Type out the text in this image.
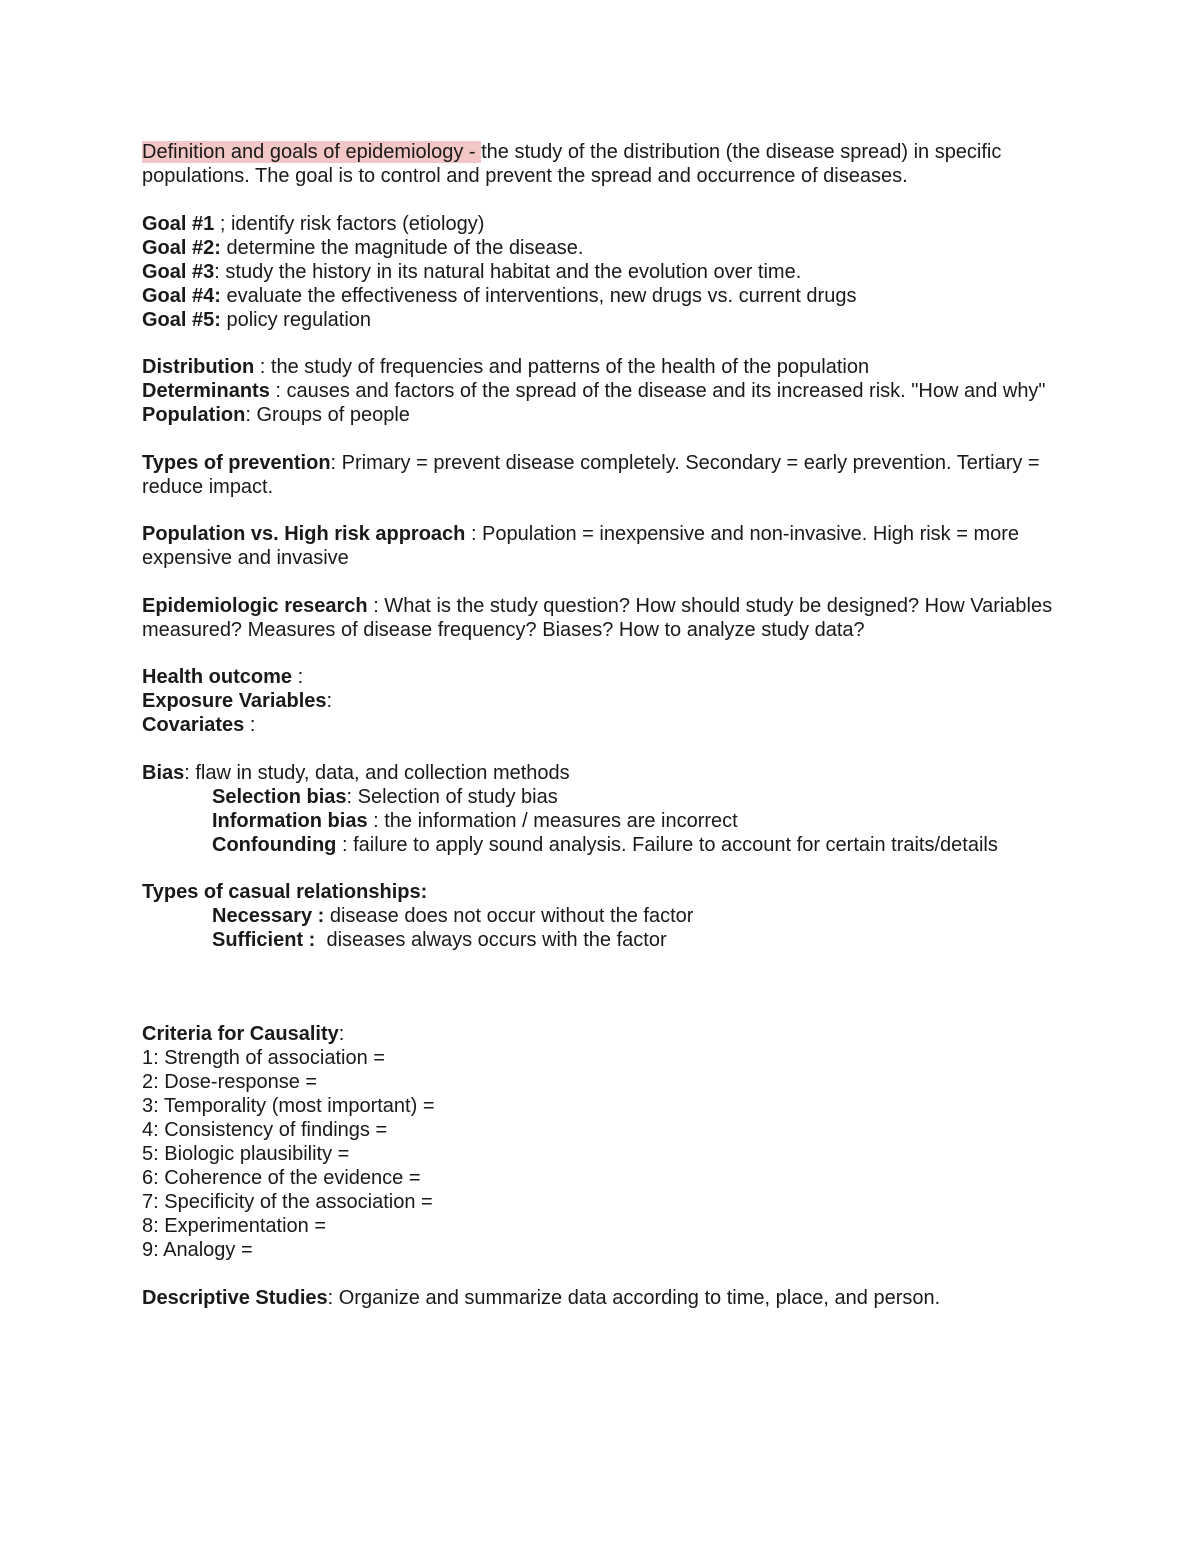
Definition and goals of epidemiology - the study of the distribution (the disease spread) in specific populations. The goal is to control and prevent the spread and occurrence of diseases.

Goal #1 ; identify risk factors (etiology)

Goal #2: determine the magnitude of the disease.

Goal #3: study the history in its natural habitat and the evolution over time.

Goal #4: evaluate the effectiveness of interventions, new drugs vs. current drugs

Goal #5: policy regulation

Distribution : the study of frequencies and patterns of the health of the population

Determinants : causes and factors of the spread of the disease and its increased risk. "How and why"

Population: Groups of people

Types of prevention: Primary = prevent disease completely. Secondary = early prevention. Tertiary = reduce impact.

Population vs. High risk approach : Population = inexpensive and non-invasive. High risk = more expensive and invasive

Epidemiologic research : What is the study question? How should study be designed? How Variables measured? Measures of disease frequency? Biases? How to analyze study data?

Health outcome :

Exposure Variables:

Covariates :

Bias: flaw in study, data, and collection methods

Selection bias: Selection of study bias

Information bias : the information / measures are incorrect

Confounding : failure to apply sound analysis. Failure to account for certain traits/details

Types of casual relationships:

Necessary : disease does not occur without the factor

Sufficient :  diseases always occurs with the factor

Criteria for Causality:

1: Strength of association =

2: Dose-response =

3: Temporality (most important) =

4: Consistency of findings =

5: Biologic plausibility =

6: Coherence of the evidence =

7: Specificity of the association =

8: Experimentation =

9: Analogy =

Descriptive Studies: Organize and summarize data according to time, place, and person.
